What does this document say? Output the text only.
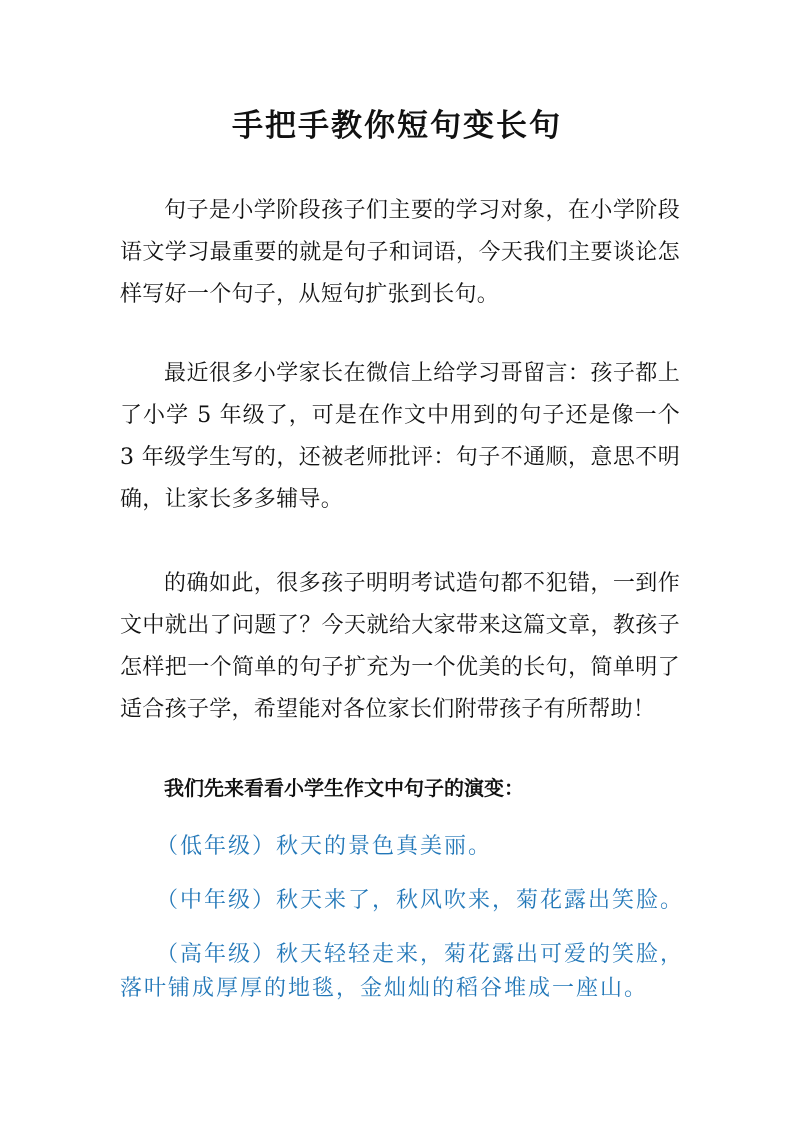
手把手教你短句变长句

句子是小学阶段孩子们主要的学习对象，在小学阶段语文学习最重要的就是句子和词语，今天我们主要谈论怎样写好一个句子，从短句扩张到长句。

最近很多小学家长在微信上给学习哥留言：孩子都上了小学 5 年级了，可是在作文中用到的句子还是像一个 3 年级学生写的，还被老师批评：句子不通顺，意思不明确，让家长多多辅导。

的确如此，很多孩子明明考试造句都不犯错，一到作文中就出了问题了？今天就给大家带来这篇文章，教孩子怎样把一个简单的句子扩充为一个优美的长句，简单明了适合孩子学，希望能对各位家长们附带孩子有所帮助！

我们先来看看小学生作文中句子的演变：

（低年级）秋天的景色真美丽。

（中年级）秋天来了，秋风吹来，菊花露出笑脸。

（高年级）秋天轻轻走来，菊花露出可爱的笑脸，落叶铺成厚厚的地毯，金灿灿的稻谷堆成一座山。
